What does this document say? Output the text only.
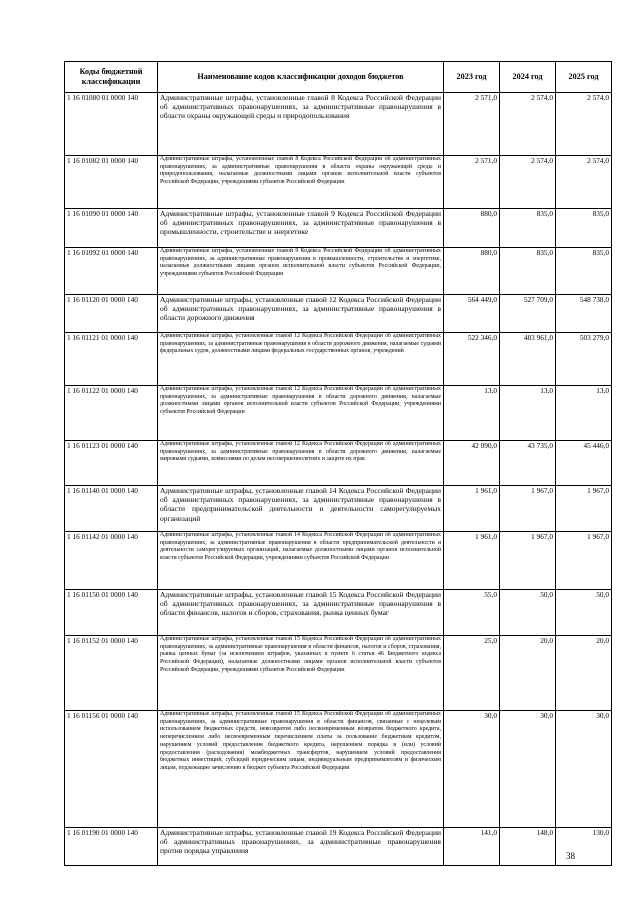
Коды бюджетной классификации	Наименование кодов классификации доходов бюджетов	2023 год	2024 год	2025 год
1 16 01080 01 0000 140	Административные штрафы, установленные главой 8 Кодекса Российской Федерации об административных правонарушениях, за административные правонарушения в области охраны окружающей среды и природопользования	2 571,0	2 574,0	2 574,0
1 16 01082 01 0000 140	Административные штрафы, установленные главой 8 Кодекса Российской Федерации об административных правонарушениях, за административные правонарушения в области охраны окружающей среды и природопользования, налагаемые должностными лицами органов исполнительной власти субъектов Российской Федерации, учреждениями субъектов Российской Федерации	2 571,0	2 574,0	2 574,0
1 16 01090 01 0000 140	Административные штрафы, установленные главой 9 Кодекса Российской Федерации об административных правонарушениях, за административные правонарушения в промышленности, строительстве и энергетике	880,0	835,0	835,0
1 16 01092 01 0000 140	Административные штрафы, установленные главой 9 Кодекса Российской Федерации об административных правонарушениях, за административные правонарушения в промышленности, строительстве и энергетике, налагаемые должностными лицами органов исполнительной власти субъектов Российской Федерации, учреждениями субъектов Российской Федерации	880,0	835,0	835,0
1 16 01120 01 0000 140	Административные штрафы, установленные главой 12 Кодекса Российской Федерации об административных правонарушениях, за административные правонарушения в области дорожного движения	564 449,0	527 709,0	548 738,0
1 16 01121 01 0000 140	Административные штрафы, установленные главой 12 Кодекса Российской Федерации об административных правонарушениях, за административные правонарушения в области дорожного движения, налагаемые судьями федеральных судов, должностными лицами федеральных государственных органов, учреждений	522 346,0	483 961,0	503 279,0
1 16 01122 01 0000 140	Административные штрафы, установленные главой 12 Кодекса Российской Федерации об административных правонарушениях, за административные правонарушения в области дорожного движения, налагаемые должностными лицами органов исполнительной власти субъектов Российской Федерации, учреждениями субъектов Российской Федерации	13,0	13,0	13,0
1 16 01123 01 0000 140	Административные штрафы, установленные главой 12 Кодекса Российской Федерации об административных правонарушениях, за административные правонарушения в области дорожного движения, налагаемые мировыми судьями, комиссиями по делам несовершеннолетних и защите их прав	42 090,0	43 735,0	45 446,0
1 16 01140 01 0000 140	Административные штрафы, установленные главой 14 Кодекса Российской Федерации об административных правонарушениях, за административные правонарушения в области предпринимательской деятельности и деятельности саморегулируемых организаций	1 961,0	1 967,0	1 967,0
1 16 01142 01 0000 140	Административные штрафы, установленные главой 14 Кодекса Российской Федерации об административных правонарушениях, за административные правонарушения в области предпринимательской деятельности и деятельности саморегулируемых организаций, налагаемые должностными лицами органов исполнительной власти субъектов Российской Федерации, учреждениями субъектов Российской Федерации	1 961,0	1 967,0	1 967,0
1 16 01150 01 0000 140	Административные штрафы, установленные главой 15 Кодекса Российской Федерации об административных правонарушениях, за административные правонарушения в области финансов, налогов и сборов, страхования, рынка ценных бумаг	55,0	50,0	50,0
1 16 01152 01 0000 140	Административные штрафы, установленные главой 15 Кодекса Российской Федерации об административных правонарушениях, за административные правонарушения в области финансов, налогов и сборов, страхования, рынка ценных бумаг (за исключением штрафов, указанных в пункте 6 статьи 46 Бюджетного кодекса Российской Федерации), налагаемые должностными лицами органов исполнительной власти субъектов Российской Федерации, учреждениями субъектов Российской Федерации	25,0	20,0	20,0
1 16 01156 01 0000 140	Административные штрафы, установленные главой 15 Кодекса Российской Федерации об административных правонарушениях, за административные правонарушения в области финансов, связанные с нецелевым использованием бюджетных средств, невозвратом либо несвоевременным возвратом бюджетного кредита, неперечислением либо несвоевременным перечислением платы за пользование бюджетным кредитом, нарушением условий предоставления бюджетного кредита, нарушением порядка и (или) условий предоставления (расходования) межбюджетных трансфертов, нарушением условий предоставления бюджетных инвестиций, субсидий юридическим лицам, индивидуальным предпринимателям и физическим лицам, подлежащие зачислению в бюджет субъекта Российской Федерации	30,0	30,0	30,0
1 16 01190 01 0000 140	Административные штрафы, установленные главой 19 Кодекса Российской Федерации об административных правонарушениях, за административные правонарушения против порядка управления	141,0	148,0	130,0
38
